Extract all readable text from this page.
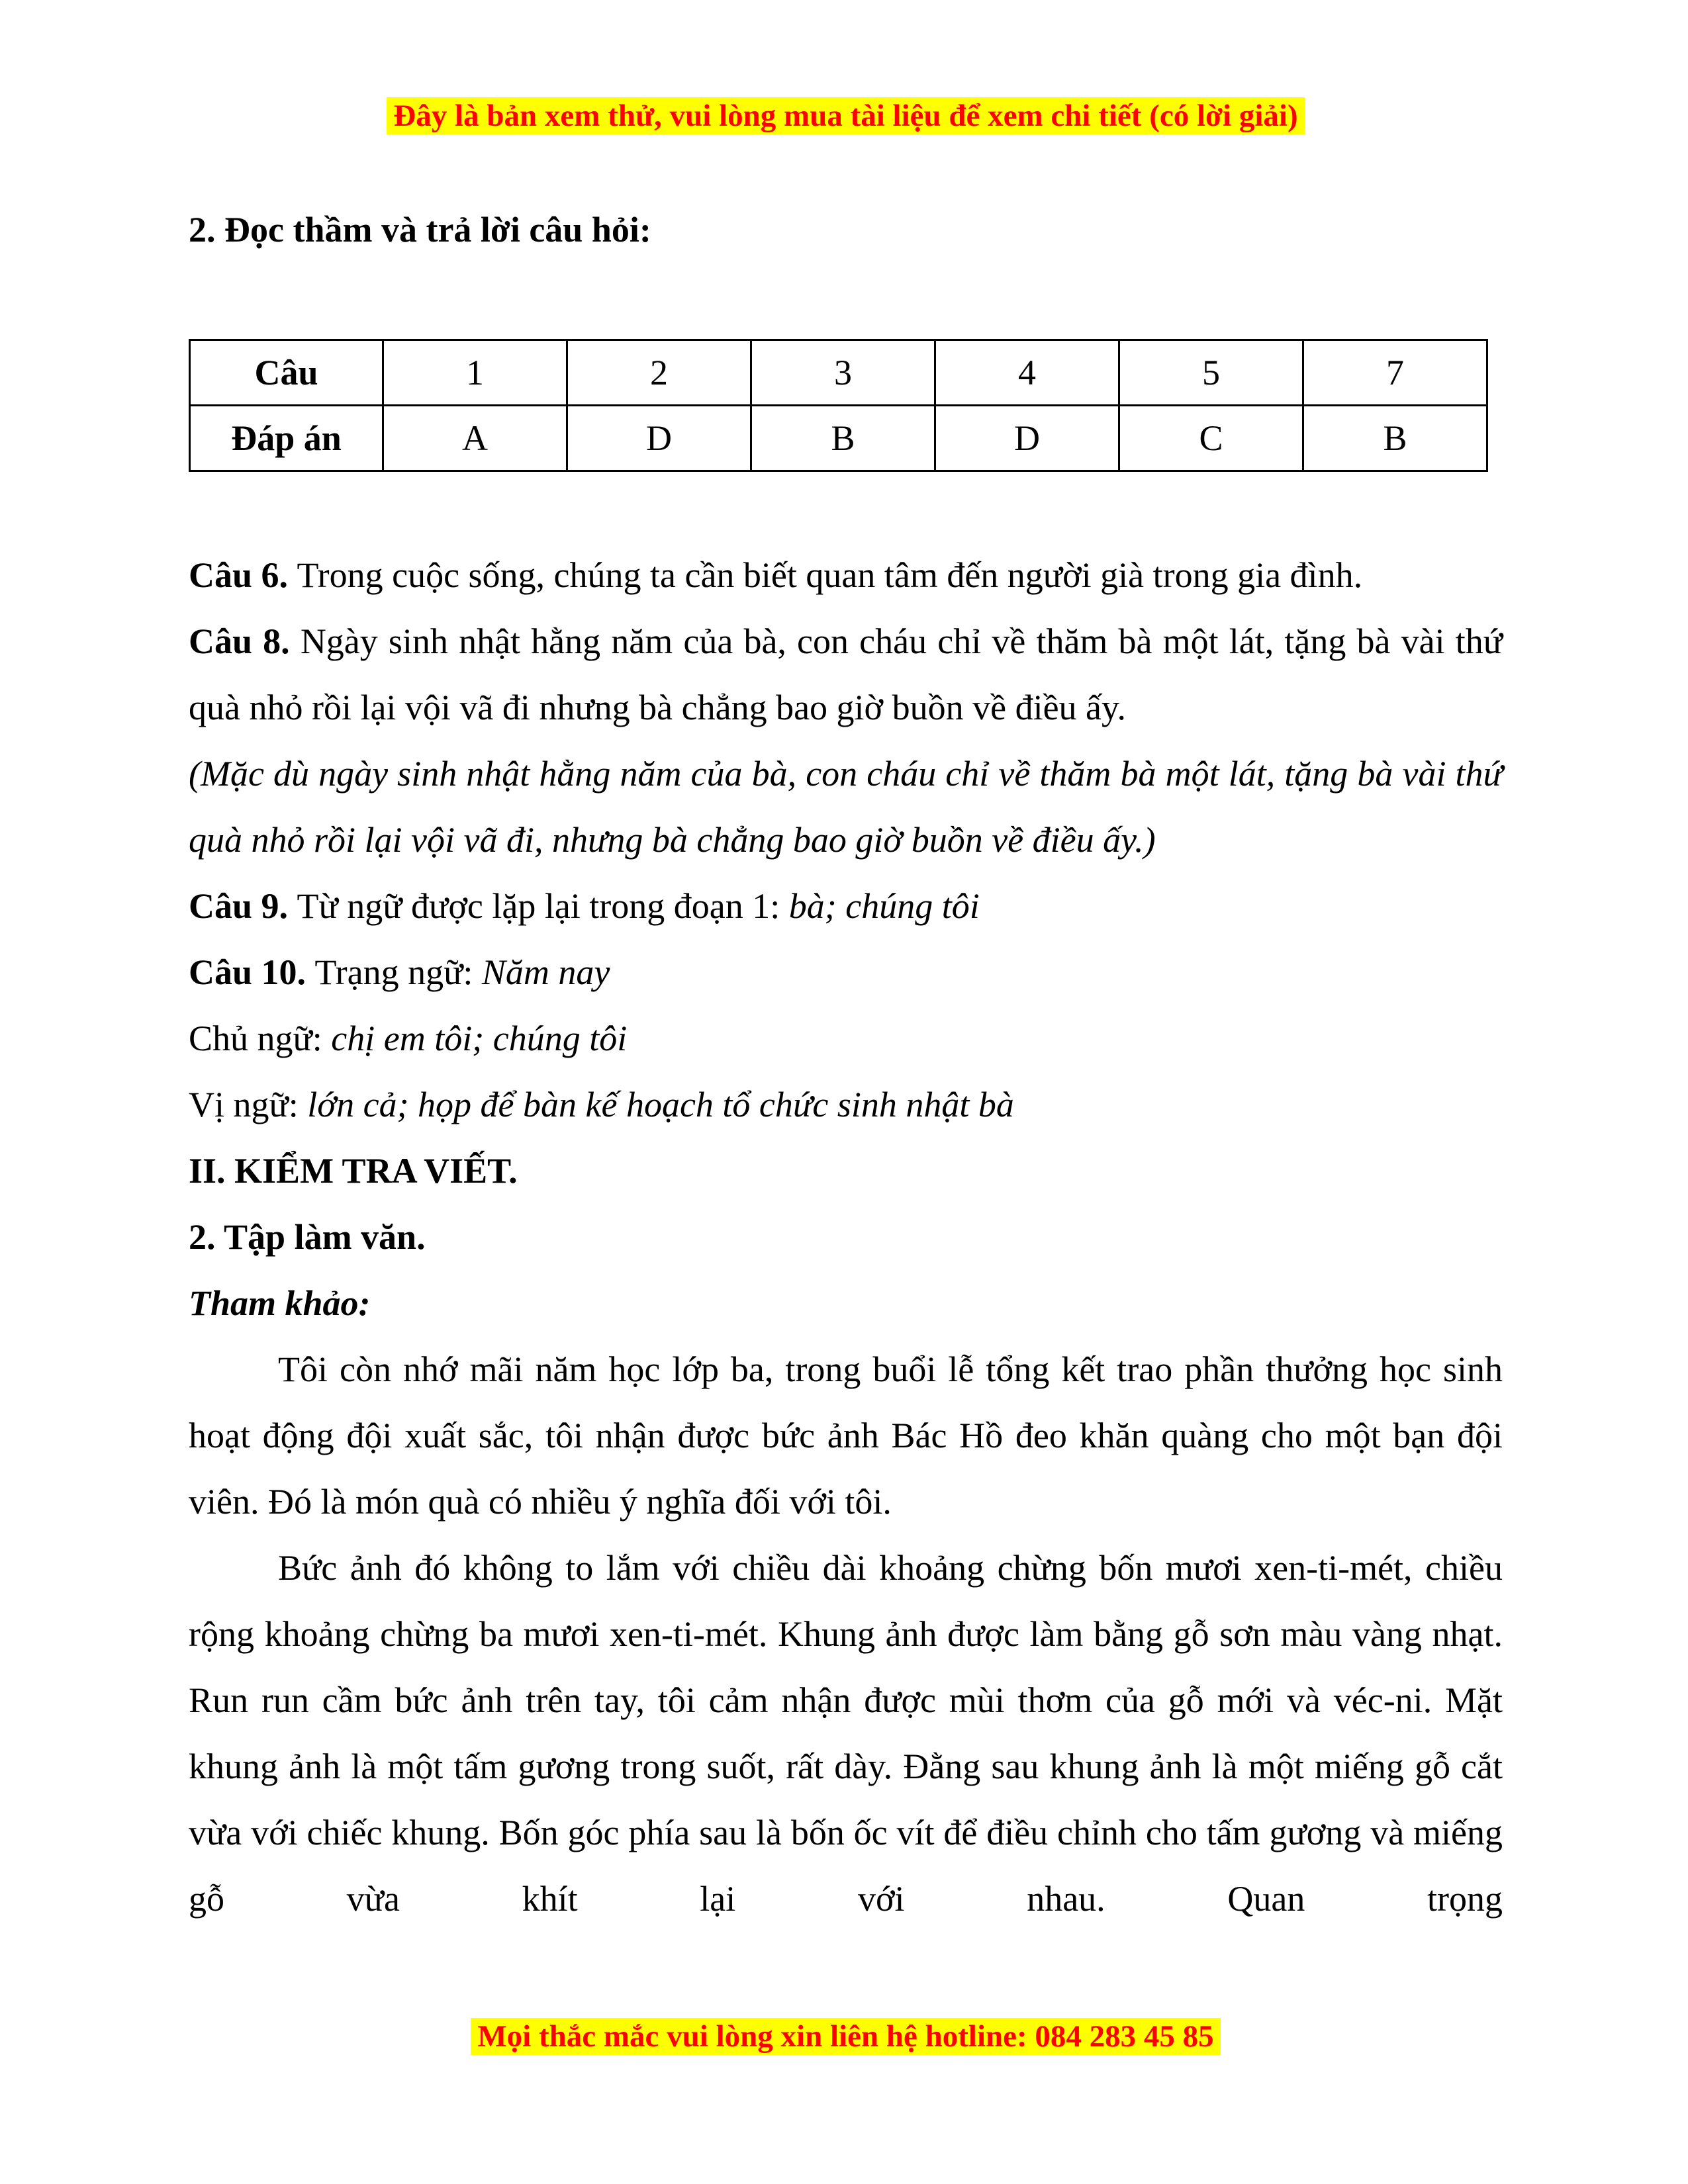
Đây là bản xem thử, vui lòng mua tài liệu để xem chi tiết (có lời giải)
2. Đọc thầm và trả lời câu hỏi:
Câu	1	2	3	4	5	7
Đáp án	A	D	B	D	C	B

Câu 6. Trong cuộc sống, chúng ta cần biết quan tâm đến người già trong gia đình.

Câu 8. Ngày sinh nhật hằng năm của bà, con cháu chỉ về thăm bà một lát, tặng bà vài thứ quà nhỏ rồi lại vội vã đi nhưng bà chẳng bao giờ buồn về điều ấy.

(Mặc dù ngày sinh nhật hằng năm của bà, con cháu chỉ về thăm bà một lát, tặng bà vài thứ quà nhỏ rồi lại vội vã đi, nhưng bà chẳng bao giờ buồn về điều ấy.)

Câu 9. Từ ngữ được lặp lại trong đoạn 1: bà; chúng tôi

Câu 10. Trạng ngữ: Năm nay

Chủ ngữ: chị em tôi; chúng tôi

Vị ngữ: lớn cả; họp để bàn kế hoạch tổ chức sinh nhật bà

II. KIỂM TRA VIẾT.

2. Tập làm văn.

Tham khảo:

Tôi còn nhớ mãi năm học lớp ba, trong buổi lễ tổng kết trao phần thưởng học sinh hoạt động đội xuất sắc, tôi nhận được bức ảnh Bác Hồ đeo khăn quàng cho một bạn đội viên. Đó là món quà có nhiều ý nghĩa đối với tôi.

Bức ảnh đó không to lắm với chiều dài khoảng chừng bốn mươi xen-ti-mét, chiều rộng khoảng chừng ba mươi xen-ti-mét. Khung ảnh được làm bằng gỗ sơn màu vàng nhạt. Run run cầm bức ảnh trên tay, tôi cảm nhận được mùi thơm của gỗ mới và véc-ni. Mặt khung ảnh là một tấm gương trong suốt, rất dày. Đằng sau khung ảnh là một miếng gỗ cắt vừa với chiếc khung. Bốn góc phía sau là bốn ốc vít để điều chỉnh cho tấm gương và miếng gỗ vừa khít lại với nhau. Quan trọng

Mọi thắc mắc vui lòng xin liên hệ hotline: 084 283 45 85
